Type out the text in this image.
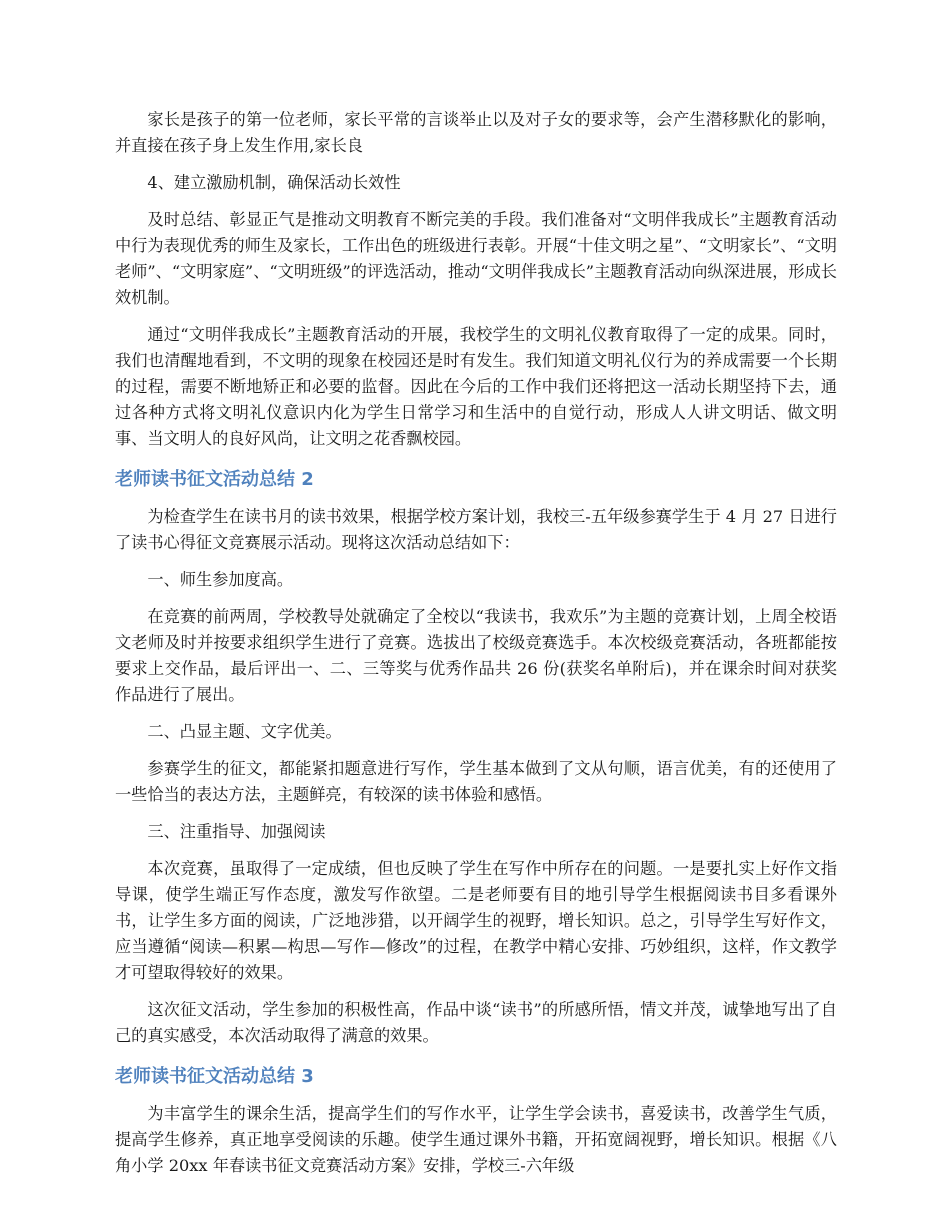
家长是孩子的第一位老师，家长平常的言谈举止以及对子女的要求等，会产生潜移默化的影响，并直接在孩子身上发生作用,家长良

4、建立激励机制，确保活动长效性

及时总结、彰显正气是推动文明教育不断完美的手段。我们准备对“文明伴我成长”主题教育活动中行为表现优秀的师生及家长，工作出色的班级进行表彰。开展“十佳文明之星”、“文明家长”、“文明老师”、“文明家庭”、“文明班级”的评选活动，推动“文明伴我成长”主题教育活动向纵深进展，形成长效机制。

通过“文明伴我成长”主题教育活动的开展，我校学生的文明礼仪教育取得了一定的成果。同时，我们也清醒地看到，不文明的现象在校园还是时有发生。我们知道文明礼仪行为的养成需要一个长期的过程，需要不断地矫正和必要的监督。因此在今后的工作中我们还将把这一活动长期坚持下去，通过各种方式将文明礼仪意识内化为学生日常学习和生活中的自觉行动，形成人人讲文明话、做文明事、当文明人的良好风尚，让文明之花香飘校园。

老师读书征文活动总结 2

为检查学生在读书月的读书效果，根据学校方案计划，我校三-五年级参赛学生于 4 月 27 日进行了读书心得征文竞赛展示活动。现将这次活动总结如下：

一、师生参加度高。

在竞赛的前两周，学校教导处就确定了全校以“我读书，我欢乐”为主题的竞赛计划，上周全校语文老师及时并按要求组织学生进行了竞赛。选拔出了校级竞赛选手。本次校级竞赛活动，各班都能按要求上交作品，最后评出一、二、三等奖与优秀作品共 26 份(获奖名单附后)，并在课余时间对获奖作品进行了展出。

二、凸显主题、文字优美。

参赛学生的征文，都能紧扣题意进行写作，学生基本做到了文从句顺，语言优美，有的还使用了一些恰当的表达方法，主题鲜亮，有较深的读书体验和感悟。

三、注重指导、加强阅读

本次竞赛，虽取得了一定成绩，但也反映了学生在写作中所存在的问题。一是要扎实上好作文指导课，使学生端正写作态度，激发写作欲望。二是老师要有目的地引导学生根据阅读书目多看课外书，让学生多方面的阅读，广泛地涉猎，以开阔学生的视野，增长知识。总之，引导学生写好作文，应当遵循“阅读—积累—构思—写作—修改”的过程，在教学中精心安排、巧妙组织，这样，作文教学才可望取得较好的效果。

这次征文活动，学生参加的积极性高，作品中谈“读书”的所感所悟，情文并茂，诚挚地写出了自己的真实感受，本次活动取得了满意的效果。

老师读书征文活动总结 3

为丰富学生的课余生活，提高学生们的写作水平，让学生学会读书，喜爱读书，改善学生气质，提高学生修养，真正地享受阅读的乐趣。使学生通过课外书籍，开拓宽阔视野，增长知识。根据《八角小学 20xx 年春读书征文竞赛活动方案》安排，学校三-六年级
